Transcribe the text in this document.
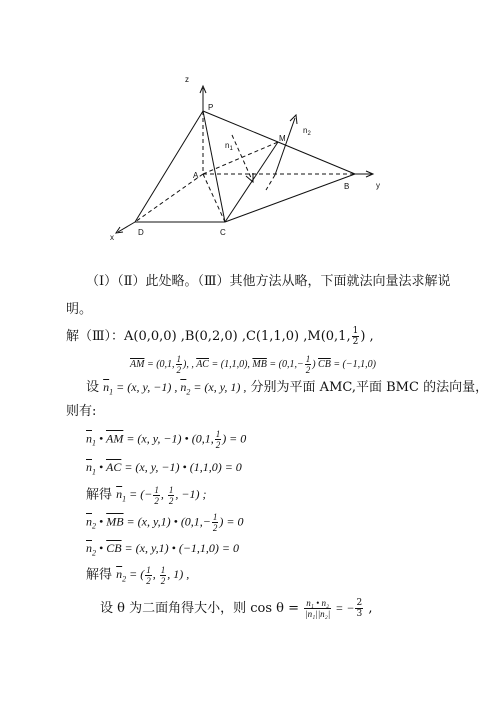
z
P
M
$n_2$
$n_1$
A
B	y
x
D	C
（Ⅰ）（Ⅱ）此处略。（Ⅲ）其他方法从略，下面就法向量法求解说
明。
解（Ⅲ）：A(0,0,0) ,B(0,2,0) ,C(1,1,0) ,M(0,1, $\frac{1}{2}$ ) ,
$\overline{AM} = (0,1$, $\frac{1}{2}$ ), , $\overline{AC} = (1,1,0)$, $\overline{MB} = (0,1,- \frac{1}{2}$ ) $\overline{CB} = (-1,1,0)$
设 $\overline{n}_1 = (x$, y, −1) , $\overline{n}_2 = (x$, y, 1) , 分别为平面 AMC,平面 BMC 的法向量，
则有:
$\overline{n}_1$ • $\overline{AM} = (x$, y, −1) • (0,1, $\frac{1}{2}$ ) = 0
$\overline{n}_1$ • $\overline{AC} = (x$, y, −1) • (1,1,0) = 0
解得 $\overline{n}_1$ = (− $\frac{1}{2}$ , $\frac{1}{2}$ , −1) ;
$\overline{n}_2$ • $\overline{MB} = (x$, y,1) • ($0,1,- \frac{1}{2}$ ) = 0
$\overline{n}_2$ • $\overline{CB} = (x$, y,1) • (−1,1,0) = 0
解得 $\overline{n}_2$ = ( $\frac{1}{2}$ , $\frac{1}{2}$ , 1) ,
设 θ 为二面角得大小，则 $\cos \theta = \frac{\text{n₁ • n₂}}{\text{|n₁||n₂|}}$ = − $\frac{2}{3}$ ,
